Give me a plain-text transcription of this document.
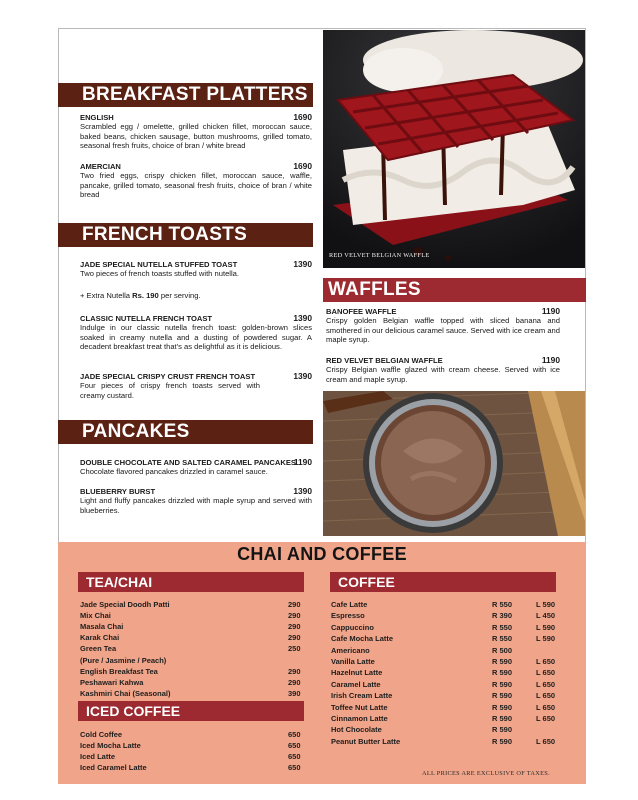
BREAKFAST PLATTERS
ENGLISH	1690
Scrambled egg / omelette, grilled chicken fillet, moroccan sauce, baked beans, chicken sausage, button mushrooms, grilled tomato, seasonal fresh fruits, choice of bran / white bread
AMERCIAN	1690
Two fried eggs, crispy chicken fillet, moroccan sauce, waffle, pancake, grilled tomato, seasonal fresh fruits, choice of bran / white bread
FRENCH TOASTS
JADE SPECIAL NUTELLA STUFFED TOAST	1390
Two pieces of french toasts stuffed with nutella.
+ Extra Nutella Rs. 190 per serving.
CLASSIC NUTELLA FRENCH TOAST	1390
Indulge in our classic nutella french toast: golden-brown slices soaked in creamy nutella and a dusting of powdered sugar. A decadent breakfast treat that's as delightful as it is delicious.
JADE SPECIAL CRISPY CRUST FRENCH TOAST	1390
Four pieces of crispy french toasts served with creamy custard.
PANCAKES
DOUBLE CHOCOLATE AND SALTED CARAMEL PANCAKES
1190
Chocolate flavored pancakes drizzled in caramel sauce.
BLUEBERRY BURST	1390
Light and fluffy pancakes drizzled with maple syrup and served with blueberries.
RED VELVET BELGIAN WAFFLE
WAFFLES
BANOFEE WAFFLE	1190
Crispy golden Belgian waffle topped with sliced banana and smothered in our delicious caramel sauce. Served with ice cream and maple syrup.
RED VELVET BELGIAN WAFFLE	1190
Crispy Belgian waffle glazed with cream cheese. Served with ice cream and maple syrup.
CHAI AND COFFEE
TEA/CHAI
ICED COFFEE
COFFEE
ALL PRICES ARE EXCLUSIVE OF TAXES.
Jade Special Doodh Patti	290
Mix Chai	290
Masala Chai	290
Karak Chai	290
Green Tea	250
(Pure / Jasmine / Peach)
English Breakfast Tea	290
Peshawari Kahwa	290
Kashmiri Chai (Seasonal)	390
Cold Coffee	650
Iced Mocha Latte	650
Iced Latte	650
Iced Caramel Latte	650
Cafe Latte	R 550	L 590
Espresso	R 390	L 450
Cappuccino	R 550	L 590
Cafe Mocha Latte	R 550	L 590
Americano	R 500
Vanilla Latte	R 590	L 650
Hazelnut Latte	R 590	L 650
Caramel Latte	R 590	L 650
Irish Cream Latte	R 590	L 650
Toffee Nut Latte	R 590	L 650
Cinnamon Latte	R 590	L 650
Hot Chocolate	R 590
Peanut Butter Latte	R 590	L 650
